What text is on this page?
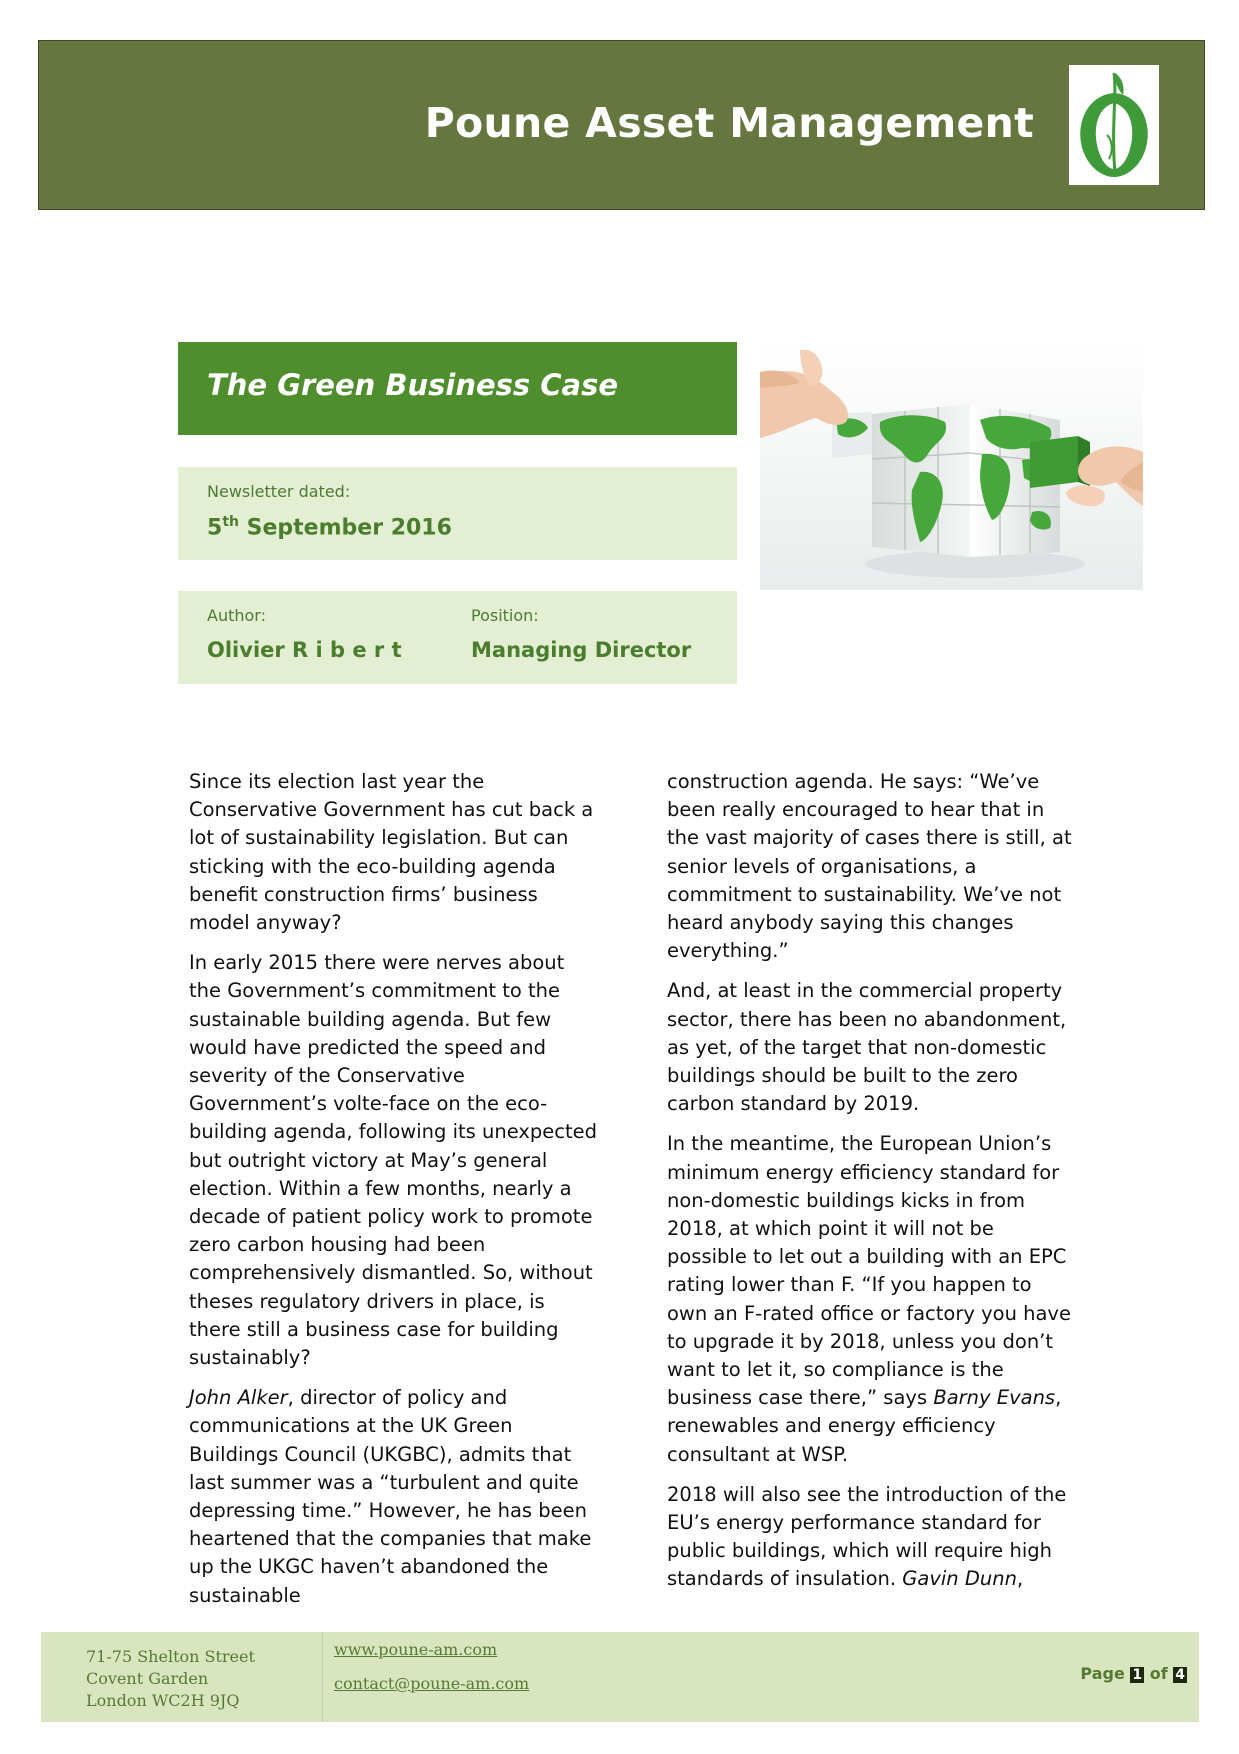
Poune Asset Management
The Green Business Case
Newsletter dated:
5th September 2016
Author:
Olivier R i b e r t
Position:
Managing Director

Since its election last year the Conservative Government has cut back a lot of sustainability legislation. But can sticking with the eco-building agenda benefit construction firms’ business model anyway?

In early 2015 there were nerves about the Government’s commitment to the sustainable building agenda. But few would have predicted the speed and severity of the Conservative Government’s volte-face on the eco-building agenda, following its unexpected but outright victory at May’s general election. Within a few months, nearly a decade of patient policy work to promote zero carbon housing had been comprehensively dismantled. So, without theses regulatory drivers in place, is there still a business case for building sustainably?

John Alker, director of policy and communications at the UK Green Buildings Council (UKGBC), admits that last summer was a “turbulent and quite depressing time.” However, he has been heartened that the companies that make up the UKGC haven’t abandoned the sustainable

construction agenda. He says: “We’ve been really encouraged to hear that in the vast majority of cases there is still, at senior levels of organisations, a commitment to sustainability. We’ve not heard anybody saying this changes everything.”

And, at least in the commercial property sector, there has been no abandonment, as yet, of the target that non-domestic buildings should be built to the zero carbon standard by 2019.

In the meantime, the European Union’s minimum energy efficiency standard for non-domestic buildings kicks in from 2018, at which point it will not be possible to let out a building with an EPC rating lower than F. “If you happen to own an F-rated office or factory you have to upgrade it by 2018, unless you don’t want to let it, so compliance is the business case there,” says Barny Evans, renewables and energy efficiency consultant at WSP.

2018 will also see the introduction of the EU’s energy performance standard for public buildings, which will require high standards of insulation. Gavin Dunn,

71-75 Shelton Street
Covent Garden
London WC2H 9JQ
www.poune-am.com
contact@poune-am.com
Page 1 of 4
